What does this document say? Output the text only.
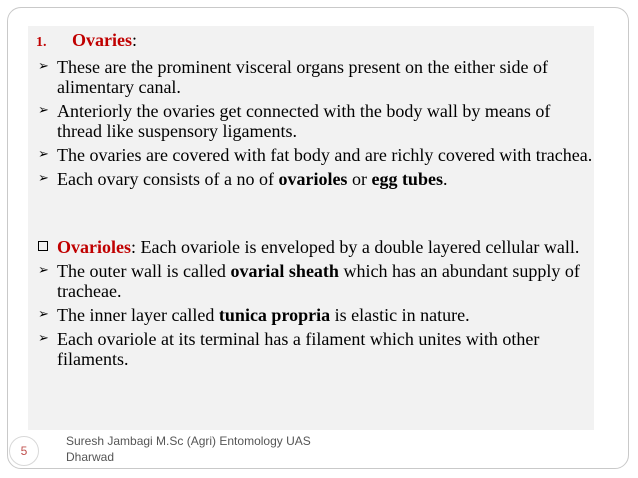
1. Ovaries:
➢ These are the prominent visceral organs present on the either side of alimentary canal.
➢ Anteriorly the ovaries get connected with the body wall by means of thread like suspensory ligaments.
➢ The ovaries are covered with fat body and are richly covered with trachea.
➢ Each ovary consists of a no of ovarioles or egg tubes.
Ovarioles: Each ovariole is enveloped by a double layered cellular wall.
➢ The outer wall is called ovarial sheath which has an abundant supply of tracheae.
➢ The inner layer called tunica propria is elastic in nature.
➢ Each ovariole at its terminal has a filament which unites with other filaments.
5
Suresh Jambagi M.Sc (Agri) Entomology UAS
Dharwad
